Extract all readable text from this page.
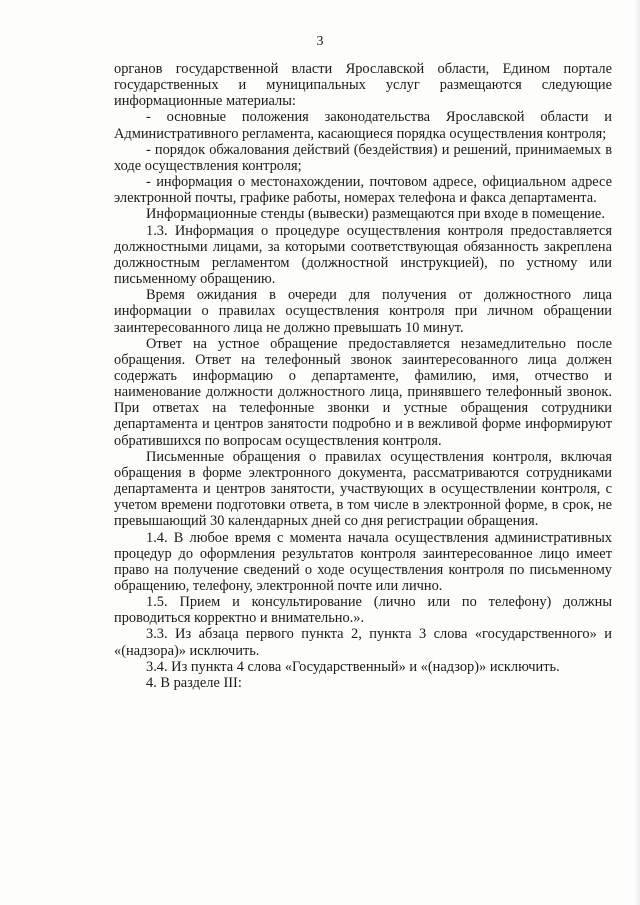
3

органов государственной власти Ярославской области, Едином портале государственных и муниципальных услуг размещаются следующие информационные материалы:

- основные положения законодательства Ярославской области и Административного регламента, касающиеся порядка осуществления контроля;

- порядок обжалования действий (бездействия) и решений, принимаемых в ходе осуществления контроля;

- информация о местонахождении, почтовом адресе, официальном адресе электронной почты, графике работы, номерах телефона и факса департамента.

Информационные стенды (вывески) размещаются при входе в помещение.

1.3. Информация о процедуре осуществления контроля предоставляется должностными лицами, за которыми соответствующая обязанность закреплена должностным регламентом (должностной инструкцией), по устному или письменному обращению.

Время ожидания в очереди для получения от должностного лица информации о правилах осуществления контроля при личном обращении заинтересованного лица не должно превышать 10 минут.

Ответ на устное обращение предоставляется незамедлительно после обращения. Ответ на телефонный звонок заинтересованного лица должен содержать информацию о департаменте, фамилию, имя, отчество и наименование должности должностного лица, принявшего телефонный звонок. При ответах на телефонные звонки и устные обращения сотрудники департамента и центров занятости подробно и в вежливой форме информируют обратившихся по вопросам осуществления контроля.

Письменные обращения о правилах осуществления контроля, включая обращения в форме электронного документа, рассматриваются сотрудниками департамента и центров занятости, участвующих в осуществлении контроля, с учетом времени подготовки ответа, в том числе в электронной форме, в срок, не превышающий 30 календарных дней со дня регистрации обращения.

1.4. В любое время с момента начала осуществления административных процедур до оформления результатов контроля заинтересованное лицо имеет право на получение сведений о ходе осуществления контроля по письменному обращению, телефону, электронной почте или лично.

1.5. Прием и консультирование (лично или по телефону) должны проводиться корректно и внимательно.».

3.3. Из абзаца первого пункта 2, пункта 3 слова «государственного» и «(надзора)» исключить.

3.4. Из пункта 4 слова «Государственный» и «(надзор)» исключить.

4. В разделе III:
